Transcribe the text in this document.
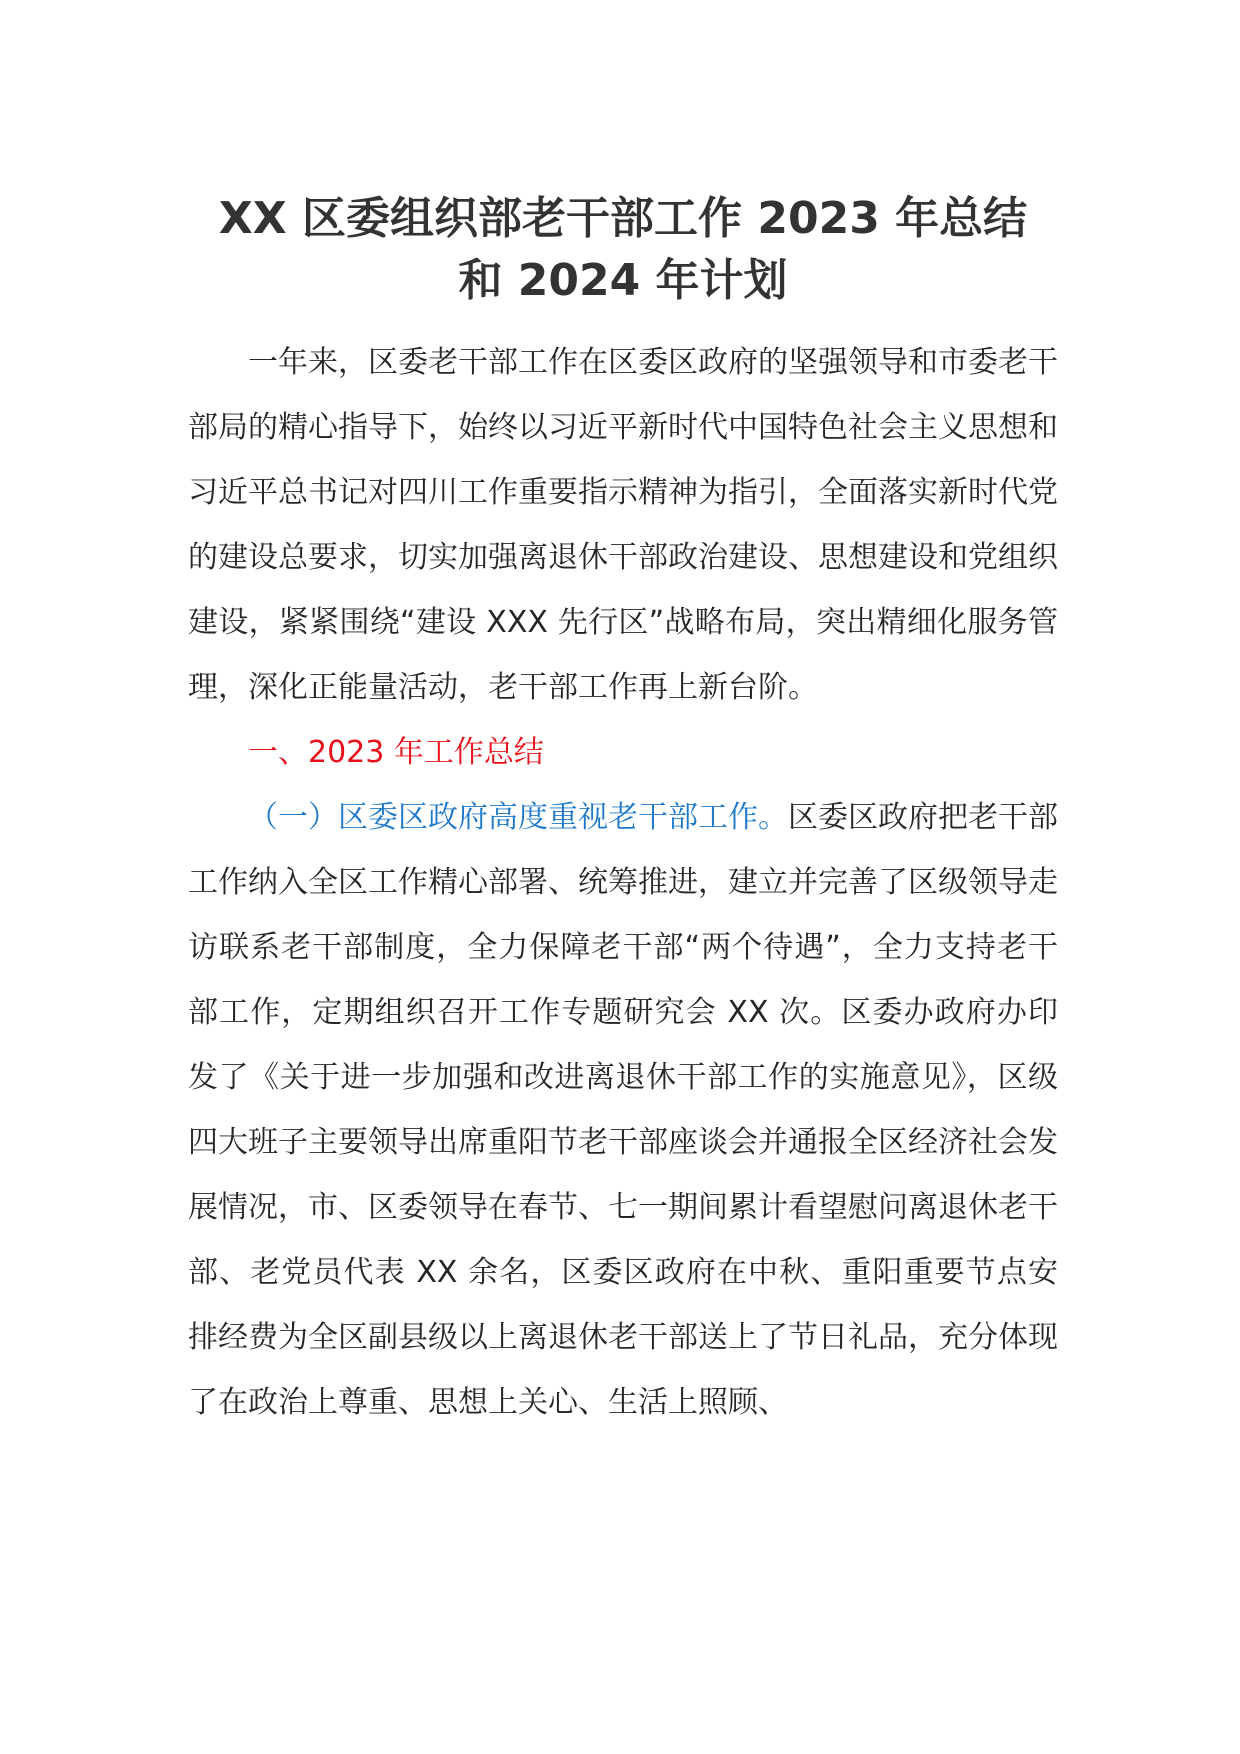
XX 区委组织部老干部工作 2023 年总结
和 2024 年计划

一年来，区委老干部工作在区委区政府的坚强领导和市委老干部局的精心指导下，始终以习近平新时代中国特色社会主义思想和习近平总书记对四川工作重要指示精神为指引，全面落实新时代党的建设总要求，切实加强离退休干部政治建设、思想建设和党组织建设，紧紧围绕“建设 XXX 先行区”战略布局，突出精细化服务管理，深化正能量活动，老干部工作再上新台阶。

一、2023 年工作总结

（一）区委区政府高度重视老干部工作。区委区政府把老干部工作纳入全区工作精心部署、统筹推进，建立并完善了区级领导走访联系老干部制度，全力保障老干部“两个待遇”，全力支持老干部工作，定期组织召开工作专题研究会 XX 次。区委办政府办印发了《关于进一步加强和改进离退休干部工作的实施意见》，区级四大班子主要领导出席重阳节老干部座谈会并通报全区经济社会发展情况，市、区委领导在春节、七一期间累计看望慰问离退休老干部、老党员代表 XX 余名，区委区政府在中秋、重阳重要节点安排经费为全区副县级以上离退休老干部送上了节日礼品，充分体现了在政治上尊重、思想上关心、生活上照顾、
